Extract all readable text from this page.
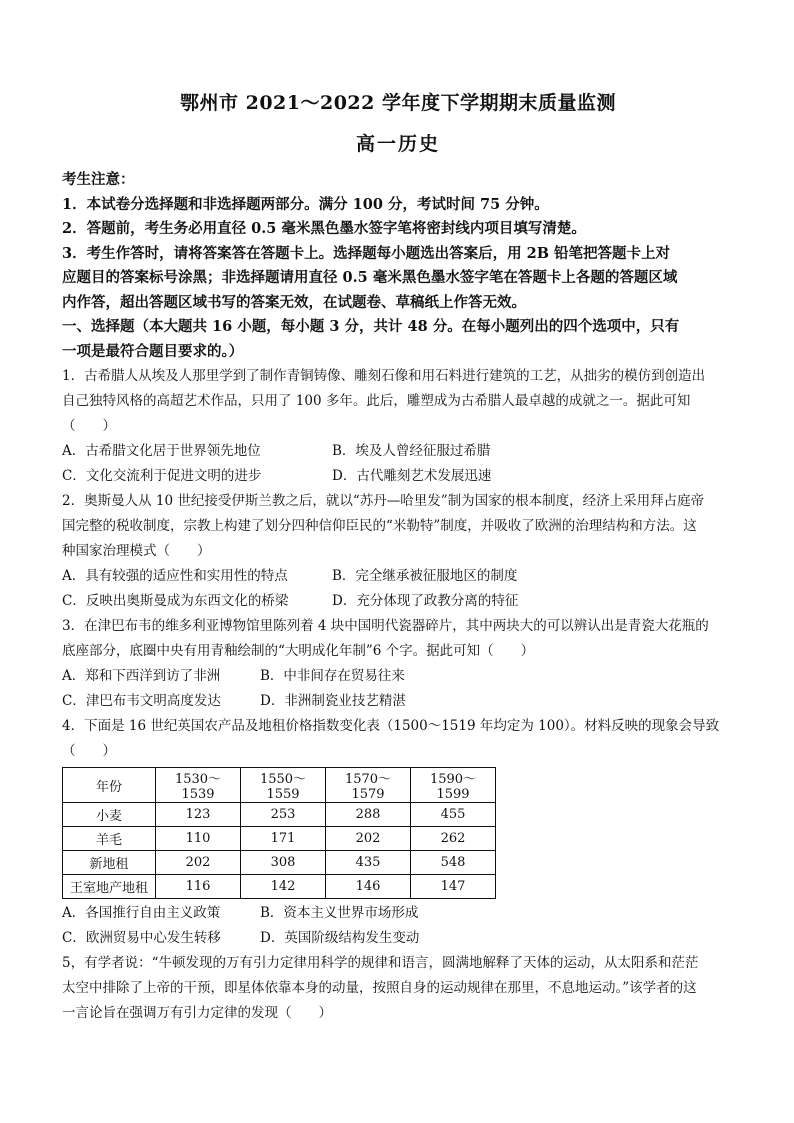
鄂州市 2021～2022 学年度下学期期末质量监测
高一历史
考生注意：
1．本试卷分选择题和非选择题两部分。满分 100 分，考试时间 75 分钟。
2．答题前，考生务必用直径 0.5 毫米黑色墨水签字笔将密封线内项目填写清楚。
3．考生作答时，请将答案答在答题卡上。选择题每小题选出答案后，用 2B 铅笔把答题卡上对
应题目的答案标号涂黑；非选择题请用直径 0.5 毫米黑色墨水签字笔在答题卡上各题的答题区域
内作答，超出答题区域书写的答案无效，在试题卷、草稿纸上作答无效。
一、选择题（本大题共 16 小题，每小题 3 分，共计 48 分。在每小题列出的四个选项中，只有
一项是最符合题目要求的。）
1．古希腊人从埃及人那里学到了制作青铜铸像、雕刻石像和用石料进行建筑的工艺，从拙劣的模仿到创造出
自己独特风格的高超艺术作品，只用了 100 多年。此后，雕塑成为古希腊人最卓越的成就之一。据此可知
（　　）
A．古希腊文化居于世界领先地位	B．埃及人曾经征服过希腊
C．文化交流利于促进文明的进步	D．古代雕刻艺术发展迅速
2．奥斯曼人从 10 世纪接受伊斯兰教之后，就以“苏丹—哈里发”制为国家的根本制度，经济上采用拜占庭帝
国完整的税收制度，宗教上构建了划分四种信仰臣民的“米勒特”制度，并吸收了欧洲的治理结构和方法。这
种国家治理模式（　　）
A．具有较强的适应性和实用性的特点	B．完全继承被征服地区的制度
C．反映出奥斯曼成为东西文化的桥梁	D．充分体现了政教分离的特征
3．在津巴布韦的维多利亚博物馆里陈列着 4 块中国明代瓷器碎片，其中两块大的可以辨认出是青瓷大花瓶的
底座部分，底圈中央有用青釉绘制的“大明成化年制”6 个字。据此可知（　　）
A．郑和下西洋到访了非洲	B．中非间存在贸易往来
C．津巴布韦文明高度发达	D．非洲制瓷业技艺精湛
4．下面是 16 世纪英国农产品及地租价格指数变化表（1500～1519 年均定为 100）。材料反映的现象会导致
（　　）
年份	1530～1539	1550～1559	1570～1579	1590～1599
小麦	123	253	288	455
羊毛	110	171	202	262
新地租	202	308	435	548
王室地产地租	116	142	146	147
A．各国推行自由主义政策	B．资本主义世界市场形成
C．欧洲贸易中心发生转移	D．英国阶级结构发生变动
5，有学者说：“牛顿发现的万有引力定律用科学的规律和语言，圆满地解释了天体的运动，从太阳系和茫茫
太空中排除了上帝的干预，即星体依靠本身的动量，按照自身的运动规律在那里，不息地运动。”该学者的这
一言论旨在强调万有引力定律的发现（　　）
